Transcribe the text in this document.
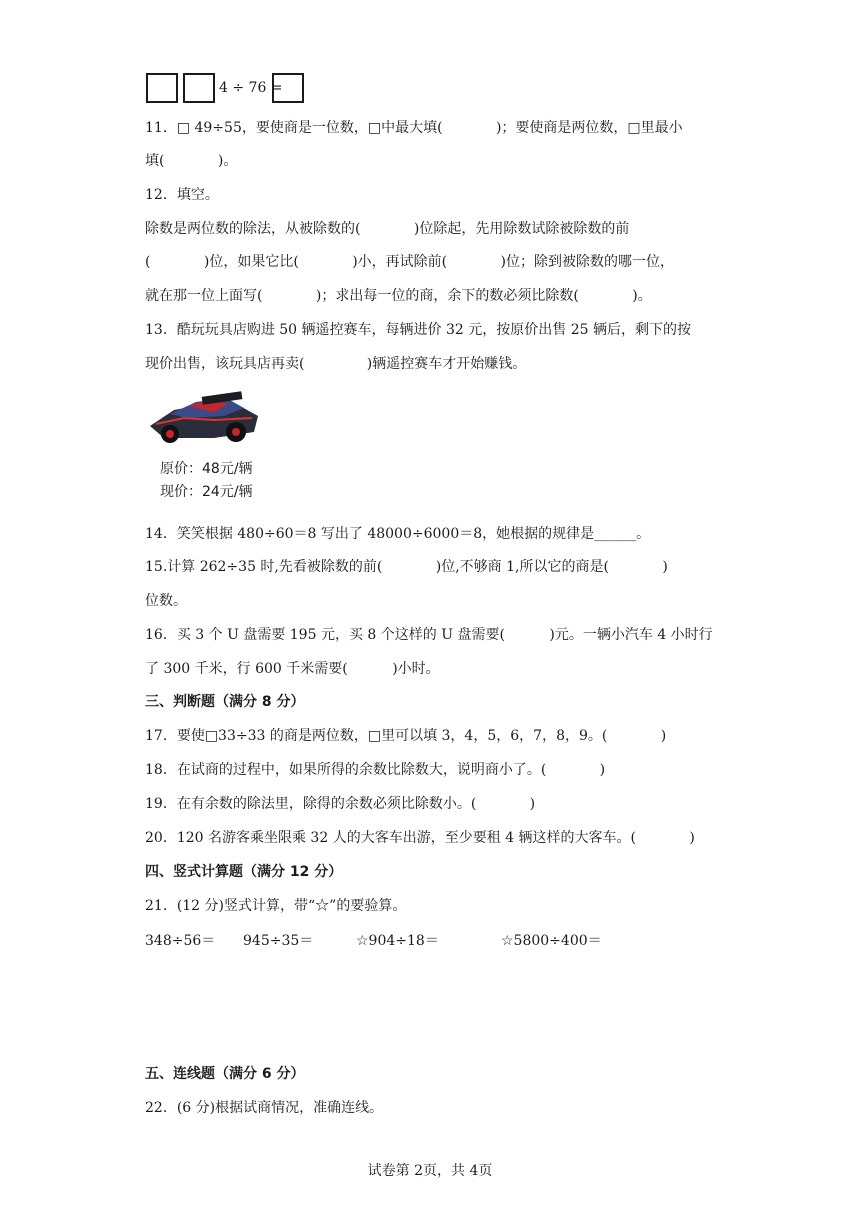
4 ÷ 76 =
11．□ 49÷55，要使商是一位数，□中最大填(            )；要使商是两位数，□里最小
填(            )。
12．填空。
除数是两位数的除法，从被除数的(            )位除起，先用除数试除被除数的前
(            )位，如果它比(            )小，再试除前(            )位；除到被除数的哪一位，
就在那一位上面写(            )；求出每一位的商，余下的数必须比除数(            )。
13．酷玩玩具店购进 50 辆遥控赛车，每辆进价 32 元，按原价出售 25 辆后，剩下的按
现价出售，该玩具店再卖(              )辆遥控赛车才开始赚钱。
原价：48元/辆
现价：24元/辆
14．笑笑根据 480÷60＝8 写出了 48000÷6000＝8，她根据的规律是______。
15.计算 262÷35 时,先看被除数的前(            )位,不够商 1,所以它的商是(            )
位数。
16．买 3 个 U 盘需要 195 元，买 8 个这样的 U 盘需要(          )元。一辆小汽车 4 小时行
了 300 千米，行 600 千米需要(          )小时。
三、判断题（满分 8 分）
17．要使□33÷33 的商是两位数，□里可以填 3，4，5，6，7，8，9。(            )
18．在试商的过程中，如果所得的余数比除数大，说明商小了。(            )
19．在有余数的除法里，除得的余数必须比除数小。(            )
20．120 名游客乘坐限乘 32 人的大客车出游，至少要租 4 辆这样的大客车。(            )
四、竖式计算题（满分 12 分）
21．(12 分)竖式计算，带“☆”的要验算。
348÷56＝ 945÷35＝	☆904÷18＝	☆5800÷400＝
五、连线题（满分 6 分）
22．(6 分)根据试商情况，准确连线。
试卷第 2页，共 4页
